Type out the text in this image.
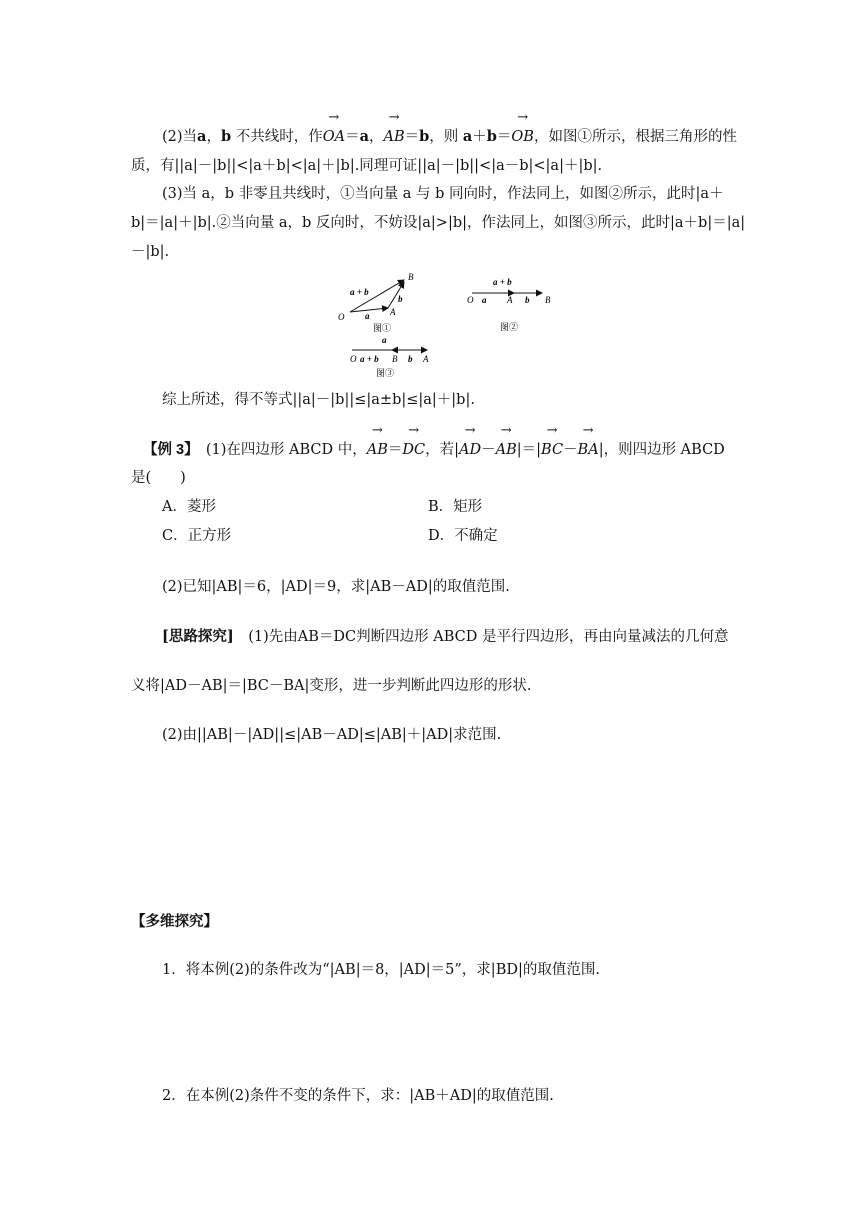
(2)当a，b 不共线时，作→ OA＝a，→ AB＝b，则 a＋b＝→ OB，如图①所示，根据三角形的性
质，有||a|－|b||<|a＋b|<|a|＋|b|.同理可证||a|－|b||<|a－b|<|a|＋|b|.
(3)当 a，b 非零且共线时，①当向量 a 与 b 同向时，作法同上，如图②所示，此时|a＋
b|＝|a|＋|b|.②当向量 a，b 反向时，不妨设|a|>|b|，作法同上，如图③所示，此时|a＋b|＝|a|
－|b|.
a + b
a
b
O	A
B
图①
a + b
O a A b B
图②
a
O a + b B b A
图③
综上所述，得不等式||a|－|b||≤|a±b|≤|a|＋|b|.
【例 3】　 (1)在四边形 ABCD 中，→ AB＝→ DC，若|→ AD－→ AB|＝|→ BC－→ BA|，则四边形 ABCD
是(　　)
A．菱形	B．矩形
C．正方形	D．不确定
(2)已知|AB|＝6，|AD|＝9，求|AB－AD|的取值范围.
[思路探究]　 (1)先由AB＝DC判断四边形 ABCD 是平行四边形，再由向量减法的几何意
义将|AD－AB|＝|BC－BA|变形，进一步判断此四边形的形状.
(2)由||AB|－|AD||≤|AB－AD|≤|AB|＋|AD|求范围.
【多维探究】
1．将本例(2)的条件改为“|AB|＝8，|AD|＝5”，求|BD|的取值范围.
2．在本例(2)条件不变的条件下，求：|AB＋AD|的取值范围.
